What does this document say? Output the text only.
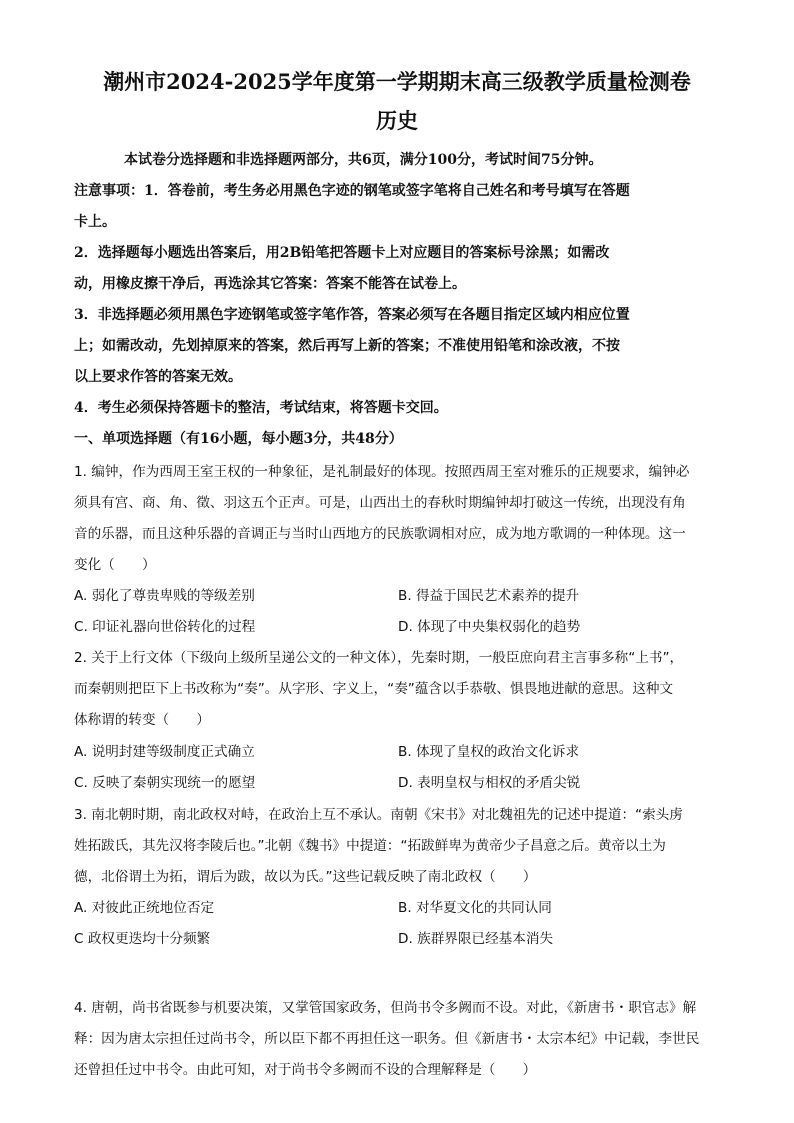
潮州市2024-2025学年度第一学期期末高三级教学质量检测卷
历史
本试卷分选择题和非选择题两部分，共6页，满分100分，考试时间75分钟。
注意事项：1．答卷前，考生务必用黑色字迹的钢笔或签字笔将自己姓名和考号填写在答题
卡上。
2．选择题每小题选出答案后，用2B铅笔把答题卡上对应题目的答案标号涂黑；如需改
动，用橡皮擦干净后，再选涂其它答案：答案不能答在试卷上。
3．非选择题必须用黑色字迹钢笔或签字笔作答，答案必须写在各题目指定区域内相应位置
上；如需改动，先划掉原来的答案，然后再写上新的答案；不准使用铅笔和涂改液，不按
以上要求作答的答案无效。
4．考生必须保持答题卡的整洁，考试结束，将答题卡交回。
一、单项选择题（有16小题，每小题3分，共48分）
1. 编钟，作为西周王室王权的一种象征，是礼制最好的体现。按照西周王室对雅乐的正规要求，编钟必
须具有宫、商、角、徵、羽这五个正声。可是，山西出土的春秋时期编钟却打破这一传统，出现没有角
音的乐器，而且这种乐器的音调正与当时山西地方的民族歌调相对应，成为地方歌调的一种体现。这一
变化（　　）
A. 弱化了尊贵卑贱的等级差别	B. 得益于国民艺术素养的提升
C. 印证礼器向世俗转化的过程	D. 体现了中央集权弱化的趋势
2. 关于上行文体（下级向上级所呈递公文的一种文体），先秦时期，一般臣庶向君主言事多称“上书”，
而秦朝则把臣下上书改称为“奏”。从字形、字义上，“奏”蕴含以手恭敬、惧畏地进献的意思。这种文
体称谓的转变（　　）
A. 说明封建等级制度正式确立	B. 体现了皇权的政治文化诉求
C. 反映了秦朝实现统一的愿望	D. 表明皇权与相权的矛盾尖锐
3. 南北朝时期，南北政权对峙，在政治上互不承认。南朝《宋书》对北魏祖先的记述中提道：“索头虏
姓拓跋氏，其先汉将李陵后也。”北朝《魏书》中提道：“拓跋鲜卑为黄帝少子昌意之后。黄帝以土为
德，北俗谓土为拓，谓后为跋，故以为氏。”这些记载反映了南北政权（　　）
A. 对彼此正统地位否定	B. 对华夏文化的共同认同
C 政权更迭均十分频繁	D. 族群界限已经基本消失
4. 唐朝，尚书省既参与机要决策，又掌管国家政务，但尚书令多阙而不设。对此，《新唐书・职官志》解
释：因为唐太宗担任过尚书令，所以臣下都不再担任这一职务。但《新唐书・太宗本纪》中记载，李世民
还曾担任过中书令。由此可知，对于尚书令多阙而不设的合理解释是（　　）
